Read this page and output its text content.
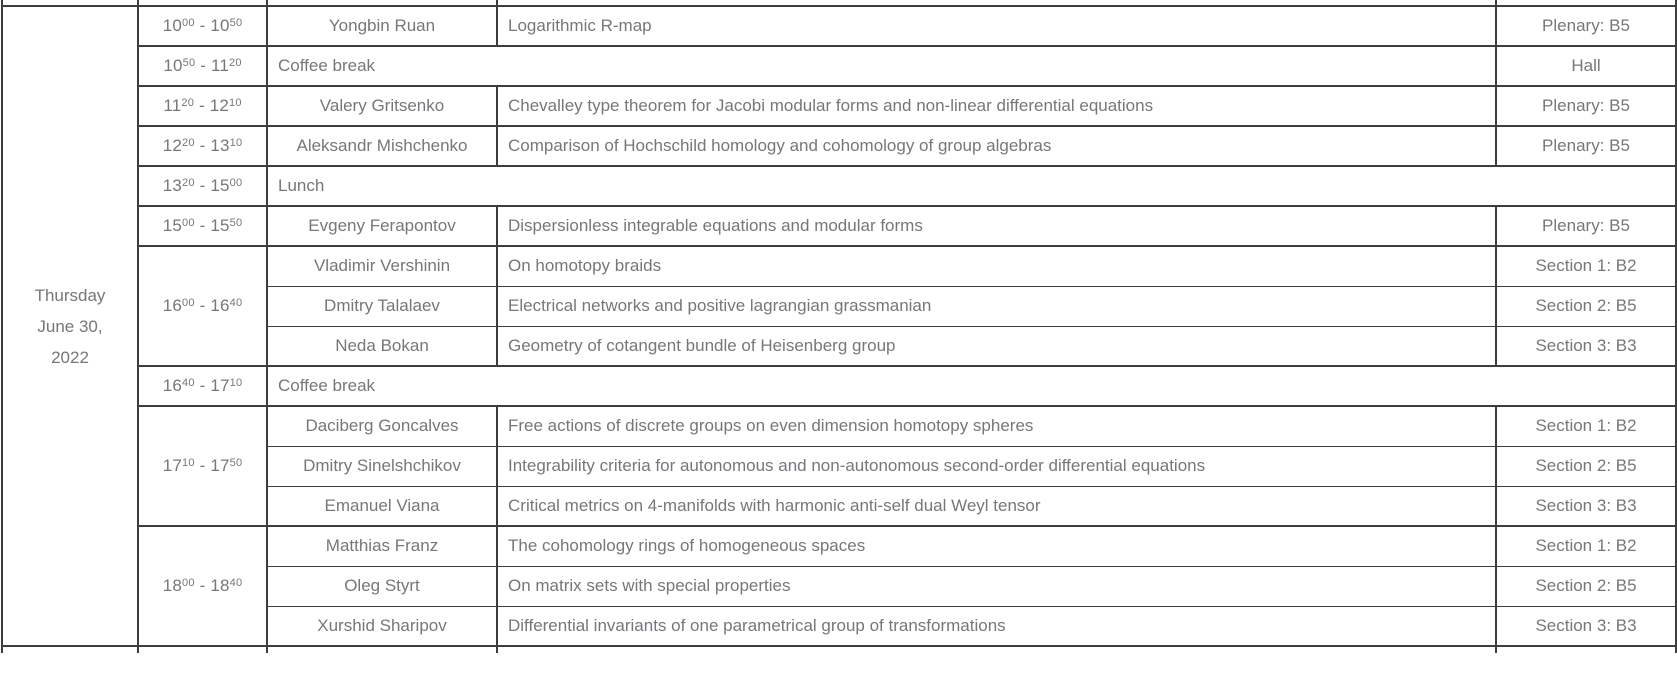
Thursday
June 30,
2022	$10^{00} - 10^{50}$	Yongbin Ruan	Logarithmic R-map	Plenary: B5
	$10^{50} - 11^{20}$	Coffee break		Hall
	$11^{20} - 12^{10}$	Valery Gritsenko	Chevalley type theorem for Jacobi modular forms and non-linear differential equations	Plenary: B5
	$12^{20} - 13^{10}$	Aleksandr Mishchenko	Comparison of Hochschild homology and cohomology of group algebras	Plenary: B5
	$13^{20} - 15^{00}$	Lunch		
	$15^{00} - 15^{50}$	Evgeny Ferapontov	Dispersionless integrable equations and modular forms	Plenary: B5
	$16^{00} - 16^{40}$	Vladimir Vershinin	On homotopy braids	Section 1: B2
		Dmitry Talalaev	Electrical networks and positive lagrangian grassmanian	Section 2: B5
		Neda Bokan	Geometry of cotangent bundle of Heisenberg group	Section 3: B3
	$16^{40} - 17^{10}$	Coffee break		
	$17^{10} - 17^{50}$	Daciberg Goncalves	Free actions of discrete groups on even dimension homotopy spheres	Section 1: B2
		Dmitry Sinelshchikov	Integrability criteria for autonomous and non-autonomous second-order differential equations	Section 2: B5
		Emanuel Viana	Critical metrics on 4-manifolds with harmonic anti-self dual Weyl tensor	Section 3: B3
	$18^{00} - 18^{40}$	Matthias Franz	The cohomology rings of homogeneous spaces	Section 1: B2
		Oleg Styrt	On matrix sets with special properties	Section 2: B5
		Xurshid Sharipov	Differential invariants of one parametrical group of transformations	Section 3: B3
